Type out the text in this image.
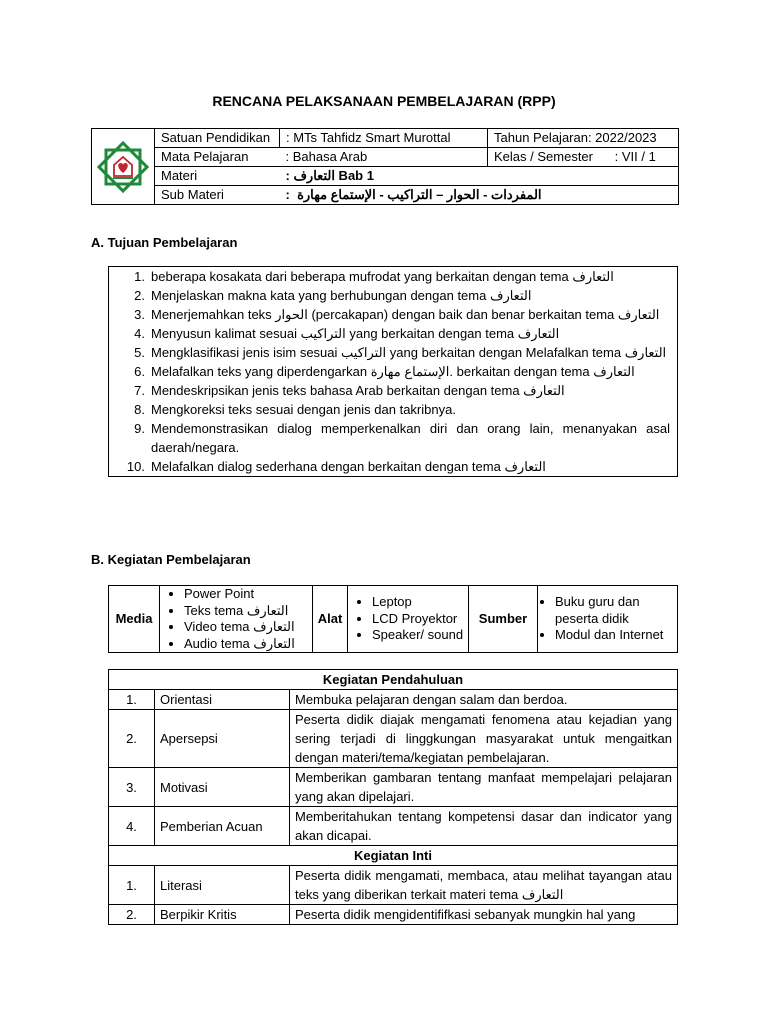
RENCANA PELAKSANAAN PEMBELAJARAN (RPP)
	Satuan Pendidikan	: MTs Tahfidz Smart Murottal	Tahun Pelajaran: 2022/2023
	Mata Pelajaran	: Bahasa Arab	Kelas / Semester      : VII / 1
	Materi	: التعارف Bab 1	
	Sub Materi	:  المفردات - الحوار – التراكيب - الإستماع مهارة	
A. Tujuan Pembelajaran
1. beberapa kosakata dari beberapa mufrodat yang berkaitan dengan tema التعارف
2. Menjelaskan makna kata yang berhubungan dengan tema التعارف
3. Menerjemahkan teks الحوار (percakapan) dengan baik dan benar berkaitan tema التعارف
4. Menyusun kalimat sesuai التراكيب yang berkaitan dengan tema التعارف
5. Mengklasifikasi jenis isim sesuai التراكيب yang berkaitan dengan Melafalkan tema التعارف
6. Melafalkan teks yang diperdengarkan الإستماع مهارة. berkaitan dengan tema التعارف
7. Mendeskripsikan jenis teks bahasa Arab berkaitan dengan tema التعارف
8. Mengkoreksi teks sesuai dengan jenis dan takribnya.
9. Mendemonstrasikan dialog memperkenalkan diri dan orang lain, menanyakan asal daerah/negara.
10. Melafalkan dialog sederhana dengan berkaitan dengan tema التعارف
B. Kegiatan Pembelajaran
Media	
• Power Point
• Teks tema التعارف
• Video tema التعارف
• Audio tema التعارف
	Alat	
• Leptop
• LCD Proyektor
• Speaker/ sound
	Sumber	
• Buku guru dan peserta didik
• Modul dan Internet
Kegiatan Pendahuluan		
1.	Orientasi	Membuka pelajaran dengan salam dan berdoa.
2.	Apersepsi	Peserta didik diajak mengamati fenomena atau kejadian yang sering terjadi di linggkungan masyarakat untuk mengaitkan dengan materi/tema/kegiatan pembelajaran.
3.	Motivasi	Memberikan gambaran tentang manfaat mempelajari pelajaran yang akan dipelajari.
4.	Pemberian Acuan	Memberitahukan tentang kompetensi dasar dan indicator yang akan dicapai.
Kegiatan Inti		
1.	Literasi	Peserta didik mengamati, membaca, atau melihat tayangan atau teks yang diberikan terkait materi tema التعارف
2.	Berpikir Kritis	Peserta didik mengidentififkasi sebanyak mungkin hal yang
